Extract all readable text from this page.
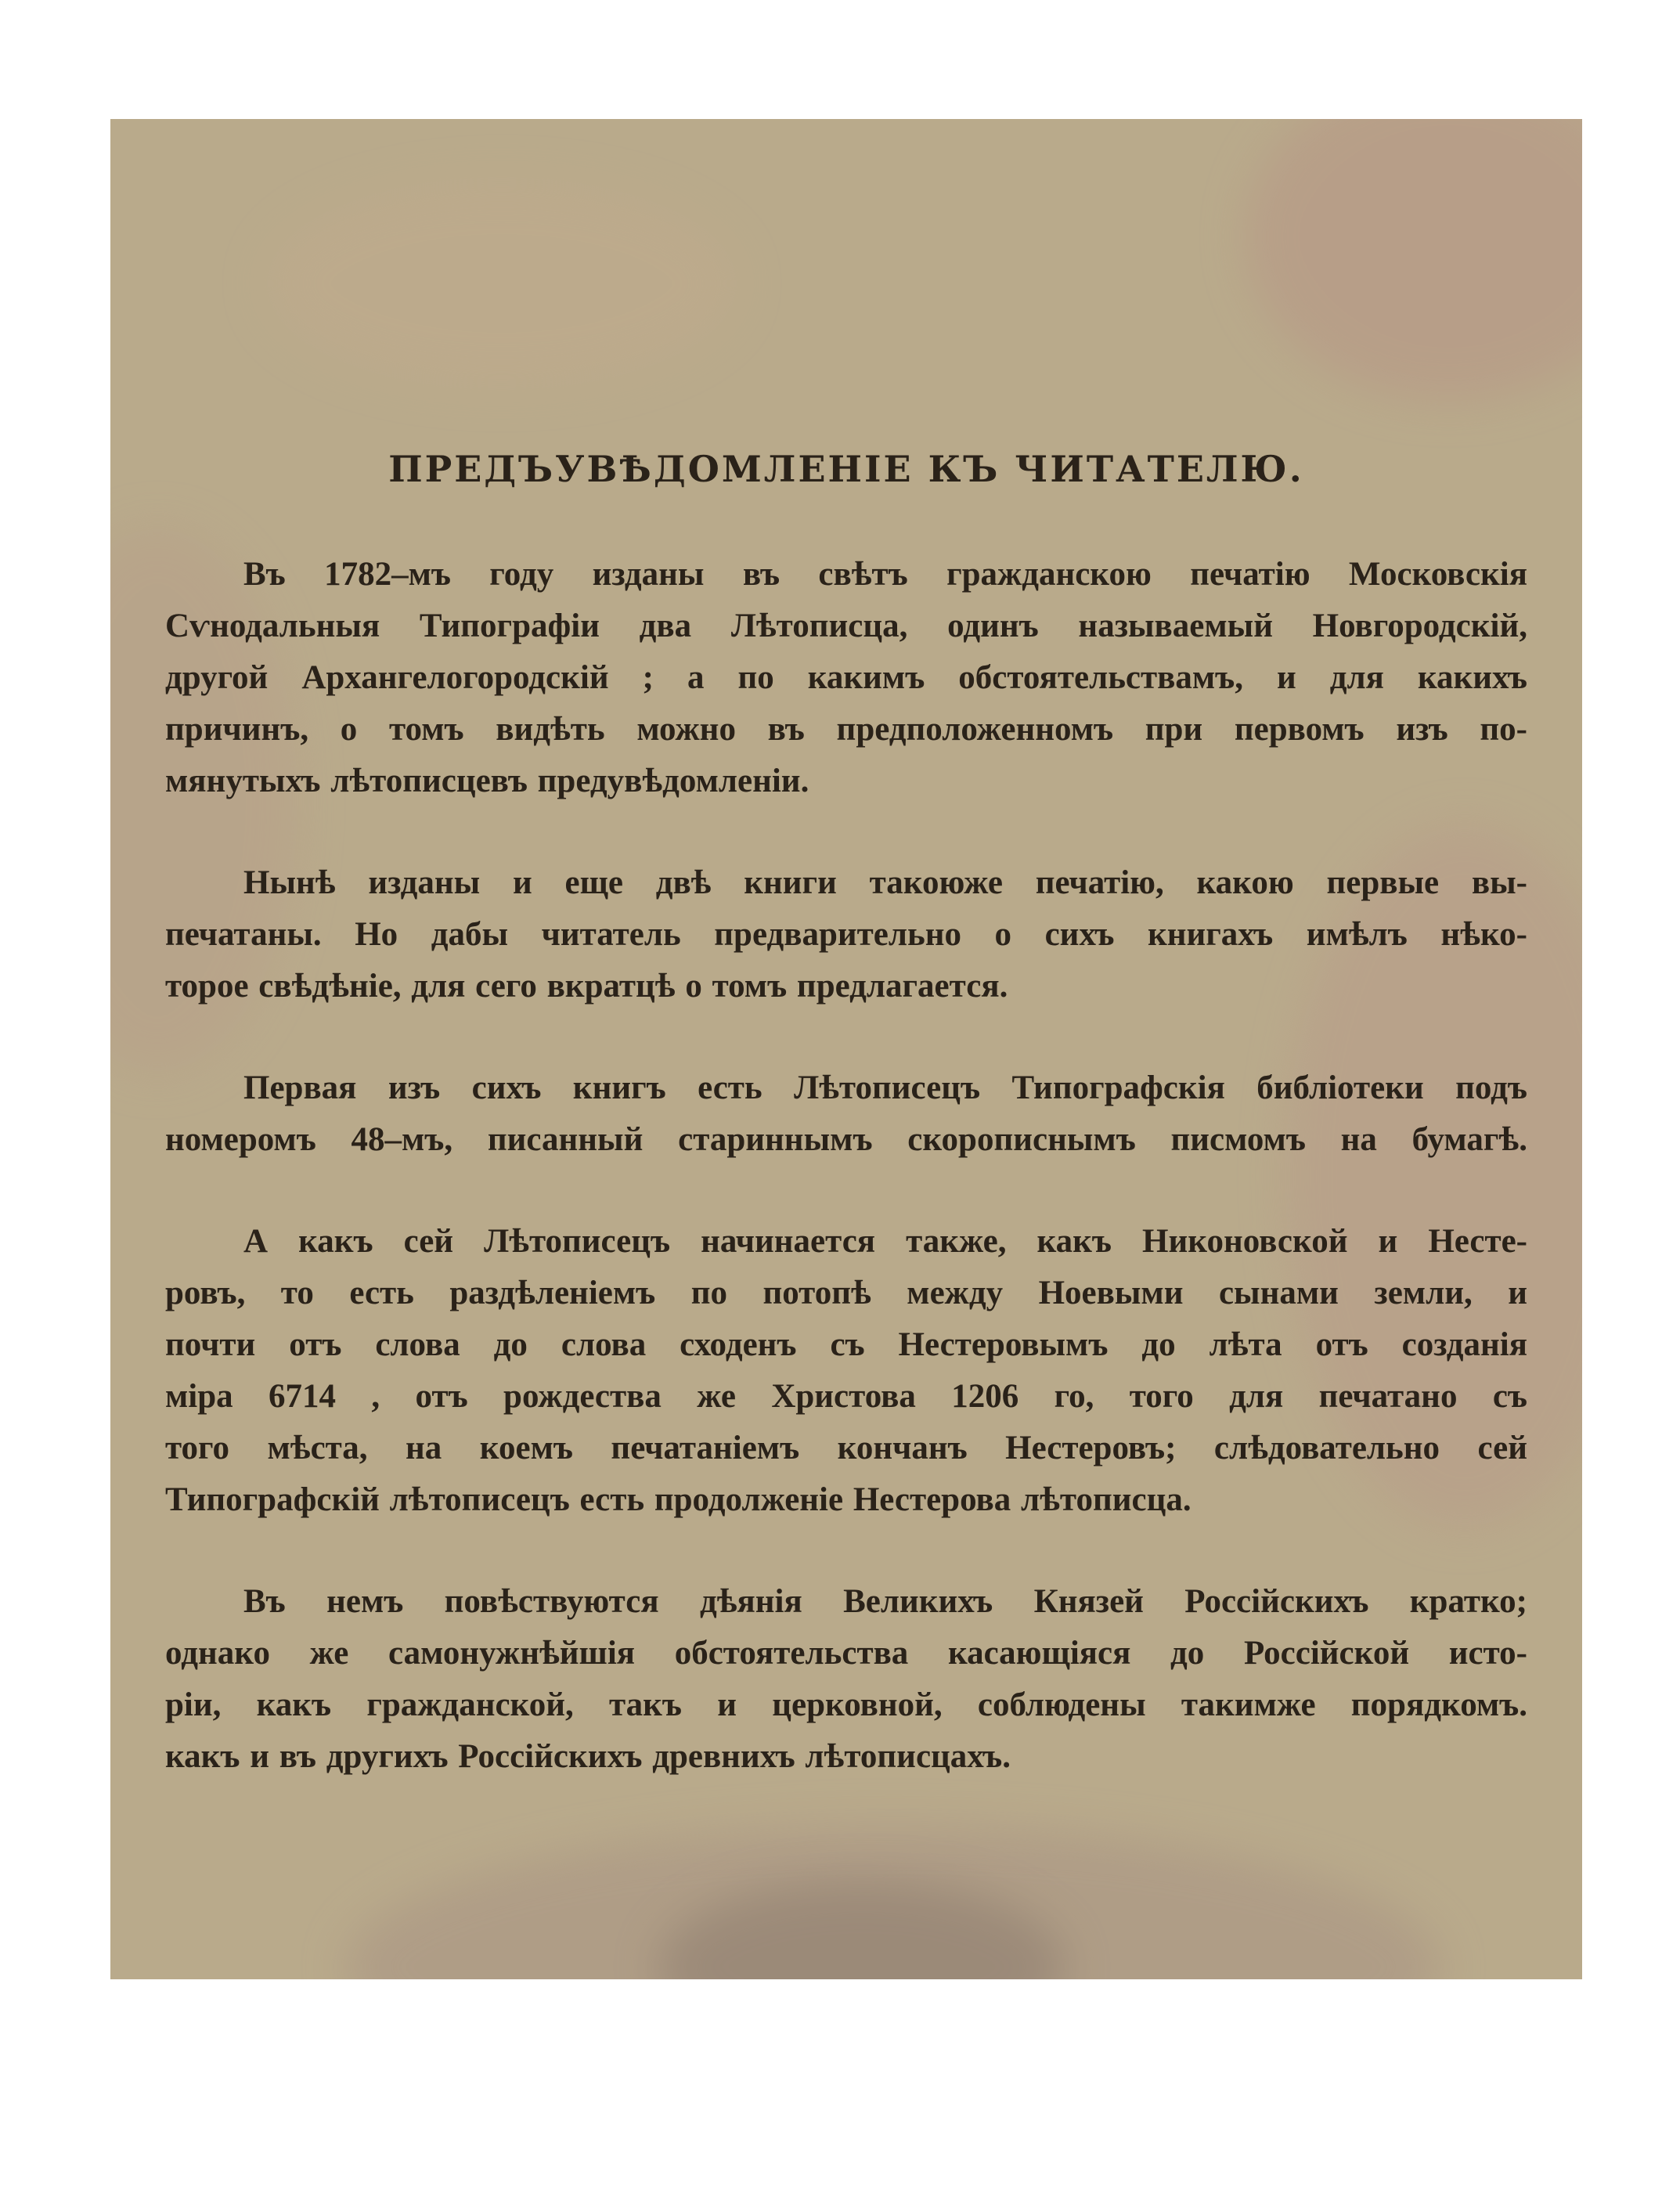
ПРЕДЪУВѢДОМЛЕНІЕ КЪ ЧИТАТЕЛЮ.
Въ 1782–мъ году изданы въ свѣтъ гражданскою печатію Московскія
Сѵнодальныя Типографіи два Лѣтописца, одинъ называемый Новгородскій,
другой Архангелогородскій ; а по какимъ обстоятельствамъ, и для какихъ
причинъ, о томъ видѣть можно въ предположенномъ при первомъ изъ по-
мянутыхъ лѣтописцевъ предувѣдомленіи.
Нынѣ изданы и еще двѣ книги такоюже печатію, какою первые вы-
печатаны. Но дабы читатель предварительно о сихъ книгахъ имѣлъ нѣко-
торое свѣдѣніе, для сего вкратцѣ о томъ предлагается.
Первая изъ сихъ книгъ есть Лѣтописецъ Типографскія библіотеки подъ
номеромъ 48–мъ, писанный стариннымъ скорописнымъ писмомъ на бумагѣ.
А какъ сей Лѣтописецъ начинается также, какъ Никоновской и Несте-
ровъ, то есть раздѣленіемъ по потопѣ между Ноевыми сынами земли, и
почти отъ слова до слова сходенъ съ Нестеровымъ до лѣта отъ созданія
міра 6714 , отъ рождества же Христова 1206 го, того для печатано съ
того мѣста, на коемъ печатаніемъ кончанъ Нестеровъ; слѣдовательно сей
Типографскій лѣтописецъ есть продолженіе Нестерова лѣтописца.
Въ немъ повѣствуются дѣянія Великихъ Князей Россійскихъ кратко;
однако же самонужнѣйшія обстоятельства касающіяся до Россійской исто-
ріи, какъ гражданской, такъ и церковной, соблюдены такимже порядкомъ.
какъ и въ другихъ Россійскихъ древнихъ лѣтописцахъ.
